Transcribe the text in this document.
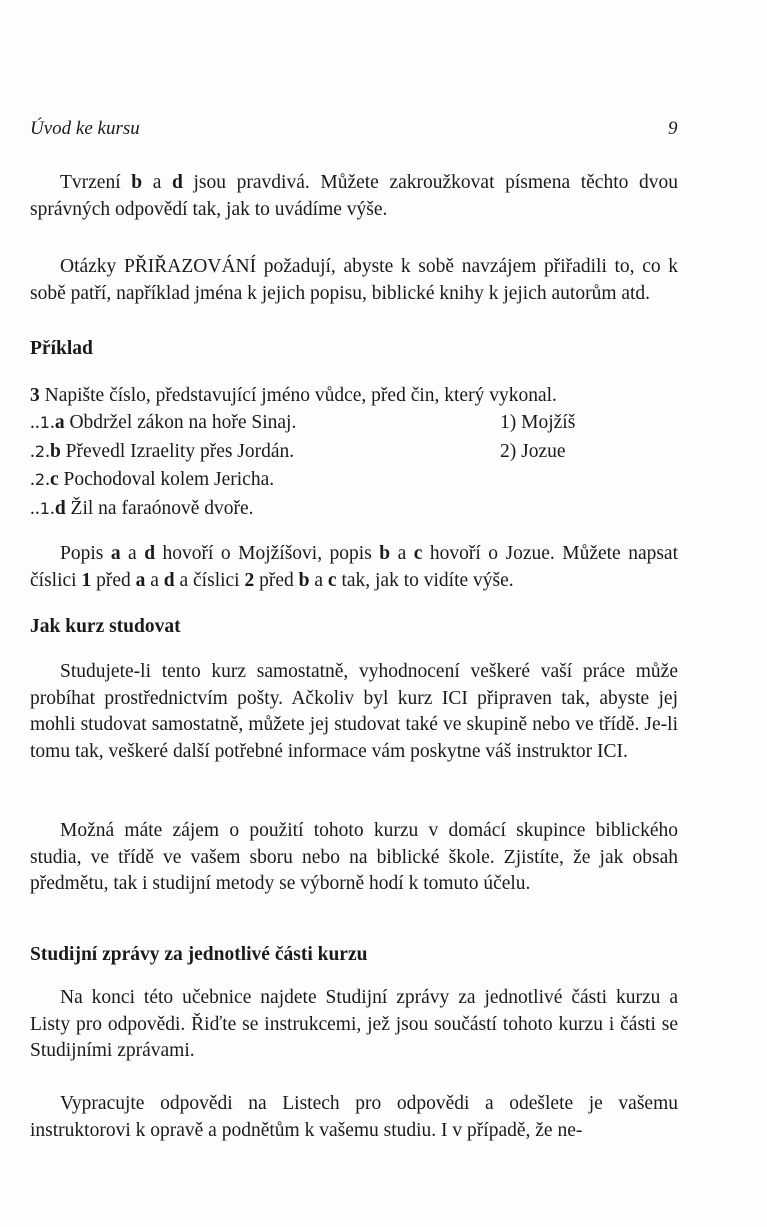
Úvod ke kursu	9
Tvrzení b a d jsou pravdivá. Můžete zakroužkovat písmena těchto dvou správných odpovědí tak, jak to uvádíme výše.
Otázky PŘIŘAZOVÁNÍ požadují, abyste k sobě navzájem přiřadili to, co k sobě patří, například jména k jejich popisu, biblické knihy k jejich autorům atd.
Příklad
3 Napište číslo, představující jméno vůdce, před čin, který vykonal.
..1.a Obdržel zákon na hoře Sinaj.
.2.b Převedl Izraelity přes Jordán.
.2.c Pochodoval kolem Jericha.
..1.d Žil na faraónově dvoře.
1) Mojžíš
2) Jozue
Popis a a d hovoří o Mojžíšovi, popis b a c hovoří o Jozue. Můžete napsat číslici 1 před a a d a číslici 2 před b a c tak, jak to vidíte výše.
Jak kurz studovat
Studujete-li tento kurz samostatně, vyhodnocení veškeré vaší práce může probíhat prostřednictvím pošty. Ačkoliv byl kurz ICI připraven tak, abyste jej mohli studovat samostatně, můžete jej studovat také ve skupině nebo ve třídě. Je-li tomu tak, veškeré další potřebné informace vám poskytne váš instruktor ICI.
Možná máte zájem o použití tohoto kurzu v domácí skupince biblického studia, ve třídě ve vašem sboru nebo na biblické škole. Zjistíte, že jak obsah předmětu, tak i studijní metody se výborně hodí k tomuto účelu.
Studijní zprávy za jednotlivé části kurzu
Na konci této učebnice najdete Studijní zprávy za jednotlivé části kurzu a Listy pro odpovědi. Řiďte se instrukcemi, jež jsou součástí tohoto kurzu i části se Studijními zprávami.
Vypracujte odpovědi na Listech pro odpovědi a odešlete je vašemu instruktorovi k opravě a podnětům k vašemu studiu. I v případě, že ne-
